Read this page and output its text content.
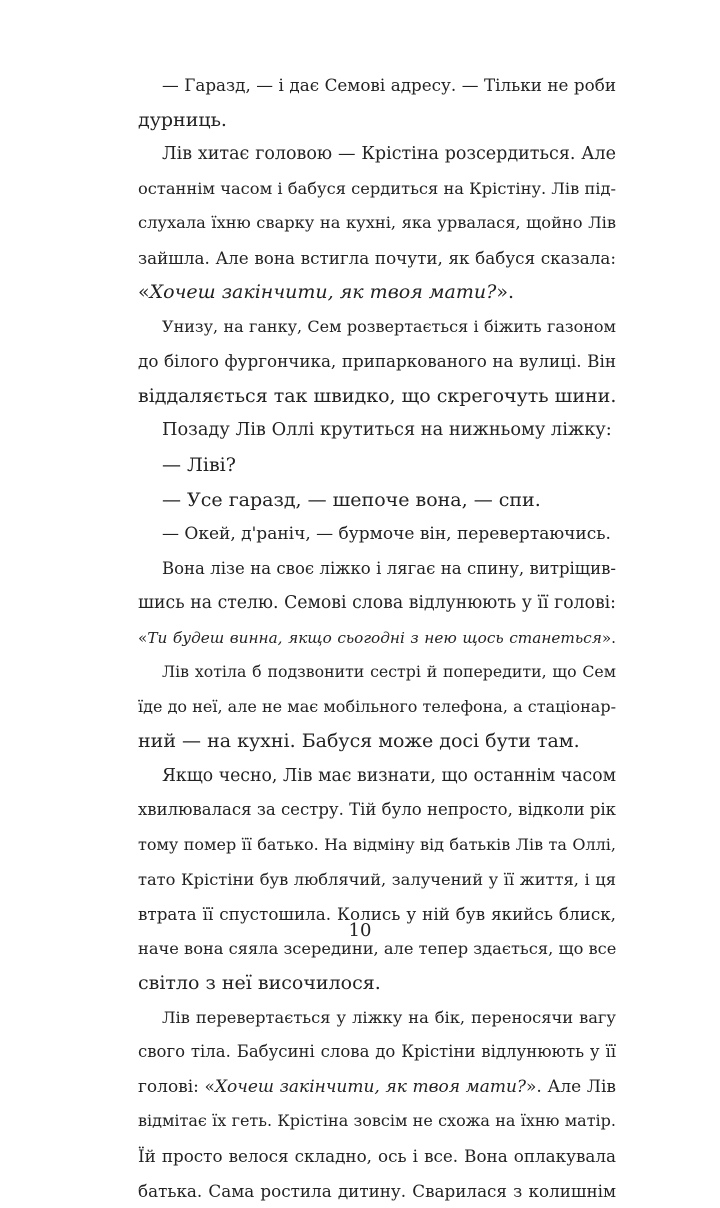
— Гаразд, — і дає Семові адресу. — Тільки не роби
дурниць.
Лів хитає головою — Крістіна розсердиться. Але
останнім часом і бабуся сердиться на Крістіну. Лів під-
слухала їхню сварку на кухні, яка урвалася, щойно Лів
зайшла. Але вона встигла почути, як бабуся сказала:
«Хочеш закінчити, як твоя мати?».
Унизу, на ганку, Сем розвертається і біжить газоном
до білого фургончика, припаркованого на вулиці. Він
віддаляється так швидко, що скрегочуть шини.
Позаду Лів Оллі крутиться на нижньому ліжку:
— Ліві?
— Усе гаразд, — шепоче вона, — спи.
— Окей, д'раніч, — бурмоче він, перевертаючись.
Вона лізе на своє ліжко і лягає на спину, витріщив-
шись на стелю. Семові слова відлунюють у її голові:
«Ти будеш винна, якщо сьогодні з нею щось станеться».
Лів хотіла б подзвонити сестрі й попередити, що Сем
їде до неї, але не має мобільного телефона, а стаціонар-
ний — на кухні. Бабуся може досі бути там.
Якщо чесно, Лів має визнати, що останнім часом
хвилювалася за сестру. Тій було непросто, відколи рік
тому помер її батько. На відміну від батьків Лів та Оллі,
тато Крістіни був люблячий, залучений у її життя, і ця
втрата її спустошила. Колись у ній був якийсь блиск,
наче вона сяяла зсередини, але тепер здається, що все
світло з неї височилося.
Лів перевертається у ліжку на бік, переносячи вагу
свого тіла. Бабусині слова до Крістіни відлунюють у її
голові: «Хочеш закінчити, як твоя мати?». Але Лів
відмітає їх геть. Крістіна зовсім не схожа на їхню матір.
Їй просто велося складно, ось і все. Вона оплакувала
батька. Сама ростила дитину. Сварилася з колишнім
10
